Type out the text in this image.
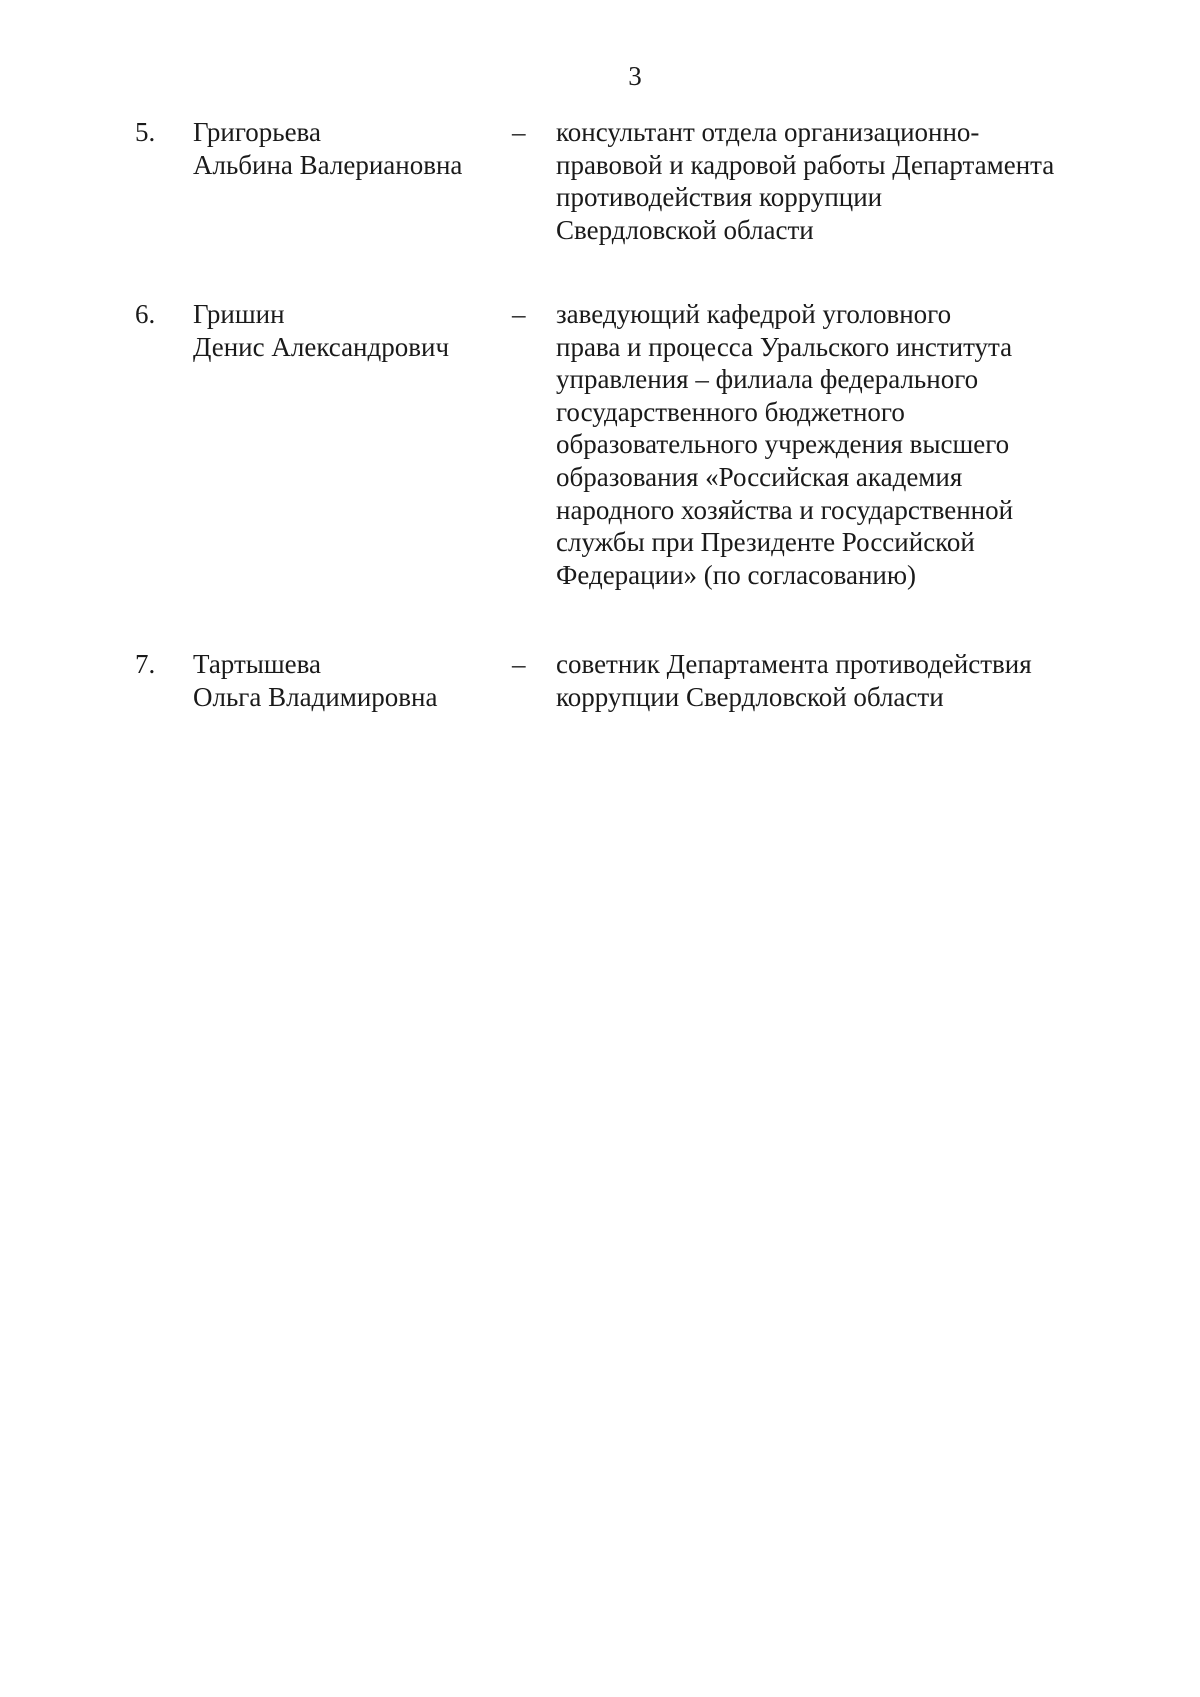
3
5. Григорьева
Альбина Валериановна
– консультант отдела организационно-
правовой и кадровой работы Департамента
противодействия коррупции
Свердловской области
6. Гришин
Денис Александрович
– заведующий кафедрой уголовного
права и процесса Уральского института
управления – филиала федерального
государственного бюджетного
образовательного учреждения высшего
образования «Российская академия
народного хозяйства и государственной
службы при Президенте Российской
Федерации» (по согласованию)
7. Тартышева
Ольга Владимировна
– советник Департамента противодействия
коррупции Свердловской области
